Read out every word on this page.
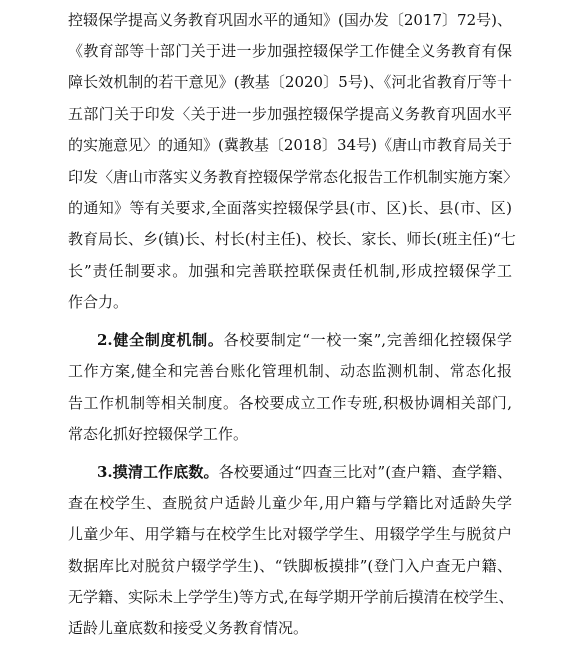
控辍保学提高义务教育巩固水平的通知》(国办发〔2017〕72号)、
《教育部等十部门关于进一步加强控辍保学工作健全义务教育有保
障长效机制的若干意见》(教基〔2020〕5号)、《河北省教育厅等十
五部门关于印发〈关于进一步加强控辍保学提高义务教育巩固水平
的实施意见〉的通知》(冀教基〔2018〕34号)《唐山市教育局关于
印发〈唐山市落实义务教育控辍保学常态化报告工作机制实施方案〉
的通知》等有关要求,全面落实控辍保学县(市、区)长、县(市、区)
教育局长、乡(镇)长、村长(村主任)、校长、家长、师长(班主任)“七
长”责任制要求。加强和完善联控联保责任机制,形成控辍保学工
作合力。
2.健全制度机制。各校要制定“一校一案”,完善细化控辍保学
工作方案,健全和完善台账化管理机制、动态监测机制、常态化报
告工作机制等相关制度。各校要成立工作专班,积极协调相关部门,
常态化抓好控辍保学工作。
3.摸清工作底数。各校要通过“四查三比对”(查户籍、查学籍、
查在校学生、查脱贫户适龄儿童少年,用户籍与学籍比对适龄失学
儿童少年、用学籍与在校学生比对辍学学生、用辍学学生与脱贫户
数据库比对脱贫户辍学学生)、“铁脚板摸排”(登门入户查无户籍、
无学籍、实际未上学学生)等方式,在每学期开学前后摸清在校学生、
适龄儿童底数和接受义务教育情况。
